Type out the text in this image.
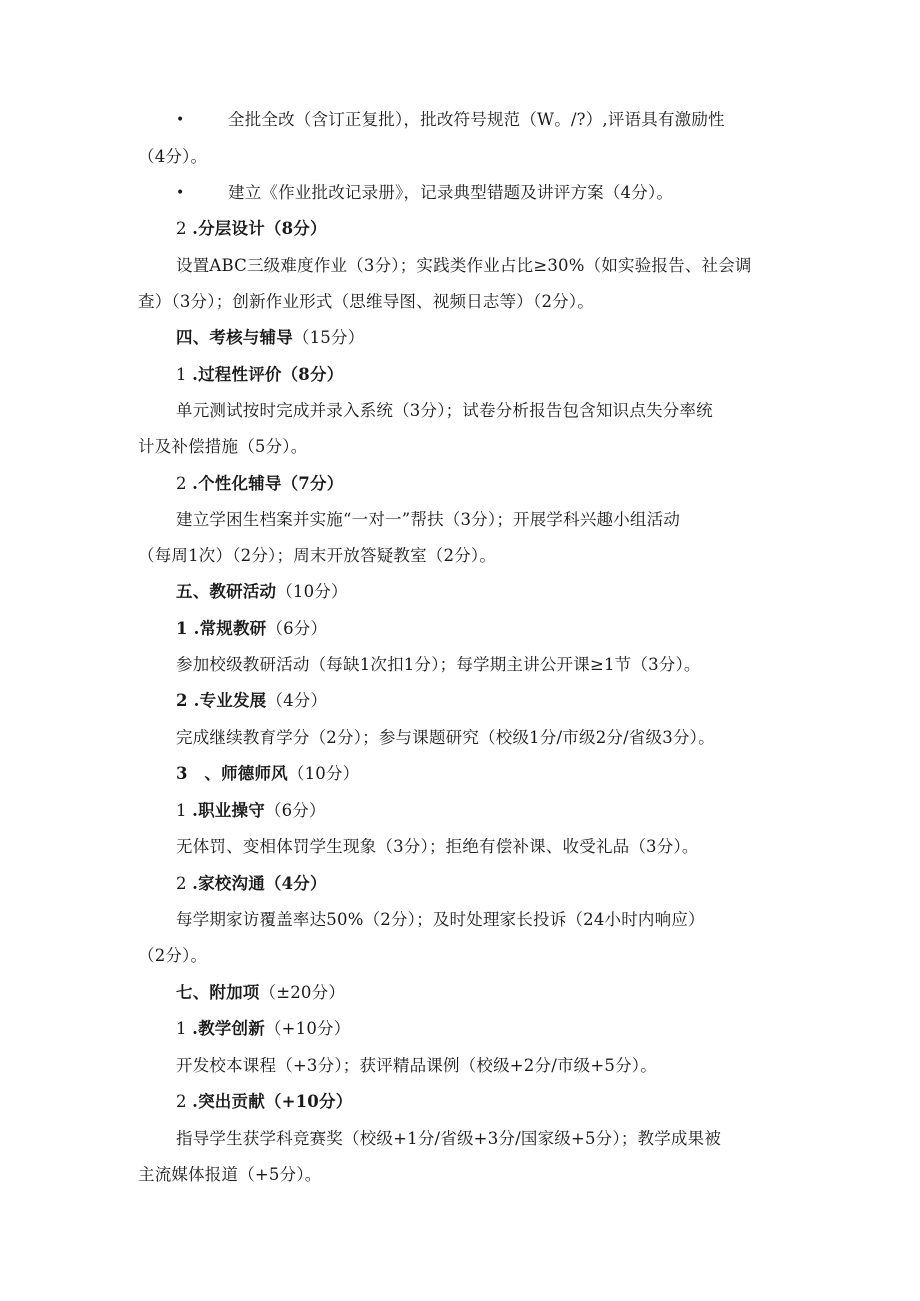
•	全批全改（含订正复批），批改符号规范（W。/?）,评语具有激励性
（4分）。
•	建立《作业批改记录册》，记录典型错题及讲评方案（4分）。
2 .分层设计（8分）
设置ABC三级难度作业（3分）；实践类作业占比≥30%（如实验报告、社会调
查）（3分）；创新作业形式（思维导图、视频日志等）（2分）。
四、考核与辅导（15分）
1 .过程性评价（8分）
单元测试按时完成并录入系统（3分）；试卷分析报告包含知识点失分率统
计及补偿措施（5分）。
2 .个性化辅导（7分）
建立学困生档案并实施“一对一”帮扶（3分）；开展学科兴趣小组活动
（每周1次）（2分）；周末开放答疑教室（2分）。
五、教研活动（10分）
1 .常规教研（6分）
参加校级教研活动（每缺1次扣1分）；每学期主讲公开课≥1节（3分）。
2 .专业发展（4分）
完成继续教育学分（2分）；参与课题研究（校级1分/市级2分/省级3分）。
3　、师德师风（10分）
1 .职业操守（6分）
无体罚、变相体罚学生现象（3分）；拒绝有偿补课、收受礼品（3分）。
2 .家校沟通（4分）
每学期家访覆盖率达50%（2分）；及时处理家长投诉（24小时内响应）
（2分）。
七、附加项（±20分）
1 .教学创新（+10分）
开发校本课程（+3分）；获评精品课例（校级+2分/市级+5分）。
2 .突出贡献（+10分）
指导学生获学科竞赛奖（校级+1分/省级+3分/国家级+5分）；教学成果被
主流媒体报道（+5分）。
